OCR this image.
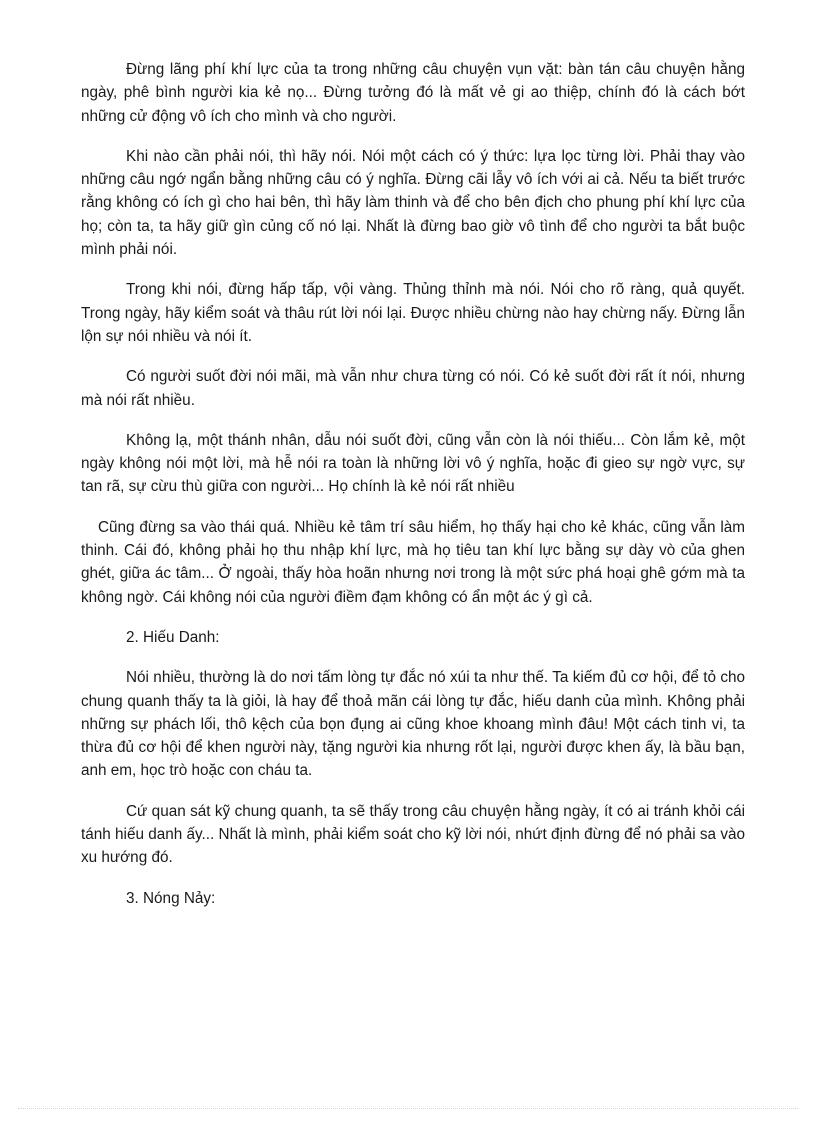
Đừng lãng phí khí lực của ta trong những câu chuyện vụn vặt: bàn tán câu chuyện hằng ngày, phê bình người kia kẻ nọ... Đừng tưởng đó là mất vẻ gi ao thiệp, chính đó là cách bớt những cử động vô ích cho mình và cho người.

Khi nào cần phải nói, thì hãy nói. Nói một cách có ý thức: lựa lọc từng lời. Phải thay vào những câu ngớ ngẩn bằng những câu có ý nghĩa. Đừng cãi lẫy vô ích với ai cả. Nếu ta biết trước rằng không có ích gì cho hai bên, thì hãy làm thinh và để cho bên địch cho phung phí khí lực của họ; còn ta, ta hãy giữ gìn củng cố nó lại. Nhất là đừng bao giờ vô tình để cho người ta bắt buộc mình phải nói.

Trong khi nói, đừng hấp tấp, vội vàng. Thủng thỉnh mà nói. Nói cho rõ ràng, quả quyết. Trong ngày, hãy kiểm soát và thâu rút lời nói lại. Được nhiều chừng nào hay chừng nấy. Đừng lẫn lộn sự nói nhiều và nói ít.

Có người suốt đời nói mãi, mà vẫn như chưa từng có nói. Có kẻ suốt đời rất ít nói, nhưng mà nói rất nhiều.

Không lạ, một thánh nhân, dẫu nói suốt đời, cũng vẫn còn là nói thiếu... Còn lắm kẻ, một ngày không nói một lời, mà hễ nói ra toàn là những lời vô ý nghĩa, hoặc đi gieo sự ngờ vực, sự tan rã, sự cừu thù giữa con người... Họ chính là kẻ nói rất nhiều

Cũng đừng sa vào thái quá. Nhiều kẻ tâm trí sâu hiểm, họ thấy hại cho kẻ khác, cũng vẫn làm thinh. Cái đó, không phải họ thu nhập khí lực, mà họ tiêu tan khí lực bằng sự dày vò của ghen ghét, giữa ác tâm... Ở ngoài, thấy hòa hoãn nhưng nơi trong là một sức phá hoại ghê gớm mà ta không ngờ. Cái không nói của người điềm đạm không có ẩn một ác ý gì cả.

2. Hiếu Danh:

Nói nhiều, thường là do nơi tấm lòng tự đắc nó xúi ta như thế. Ta kiếm đủ cơ hội, để tỏ cho chung quanh thấy ta là giỏi, là hay để thoả mãn cái lòng tự đắc, hiếu danh của mình. Không phải những sự phách lối, thô kệch của bọn đụng ai cũng khoe khoang mình đâu! Một cách tinh vi, ta thừa đủ cơ hội để khen người này, tặng người kia nhưng rốt lại, người được khen ấy, là bầu bạn, anh em, học trò hoặc con cháu ta.

Cứ quan sát kỹ chung quanh, ta sẽ thấy trong câu chuyện hằng ngày, ít có ai tránh khỏi cái tánh hiếu danh ấy... Nhất là mình, phải kiểm soát cho kỹ lời nói, nhứt định đừng để nó phải sa vào xu hướng đó.

3. Nóng Nảy:
